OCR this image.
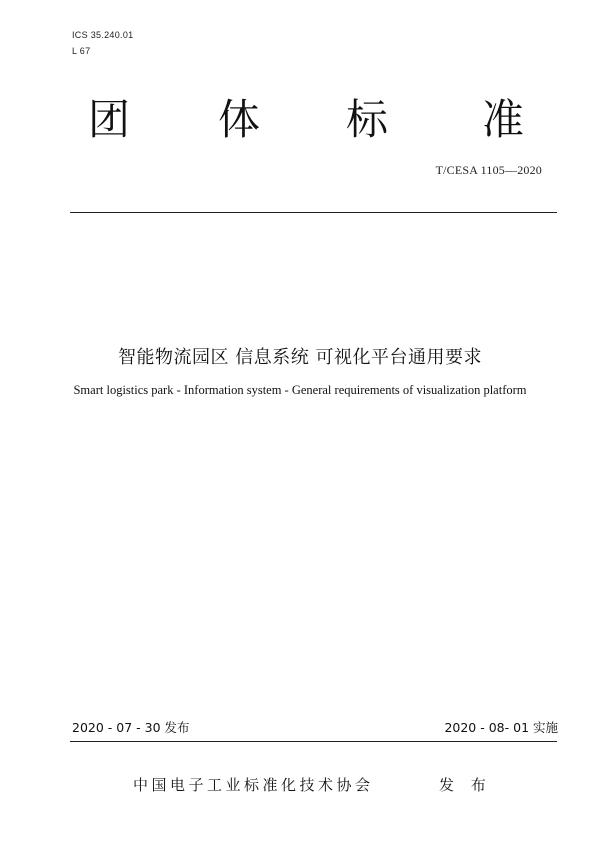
ICS 35.240.01
L 67
团 体 标 准
T/CESA 1105—2020
智能物流园区 信息系统 可视化平台通用要求
Smart logistics park - Information system - General requirements of visualization platform
2020 - 07 - 30 发布	2020 - 08- 01 实施
中国电子工业标准化技术协会	发 布
